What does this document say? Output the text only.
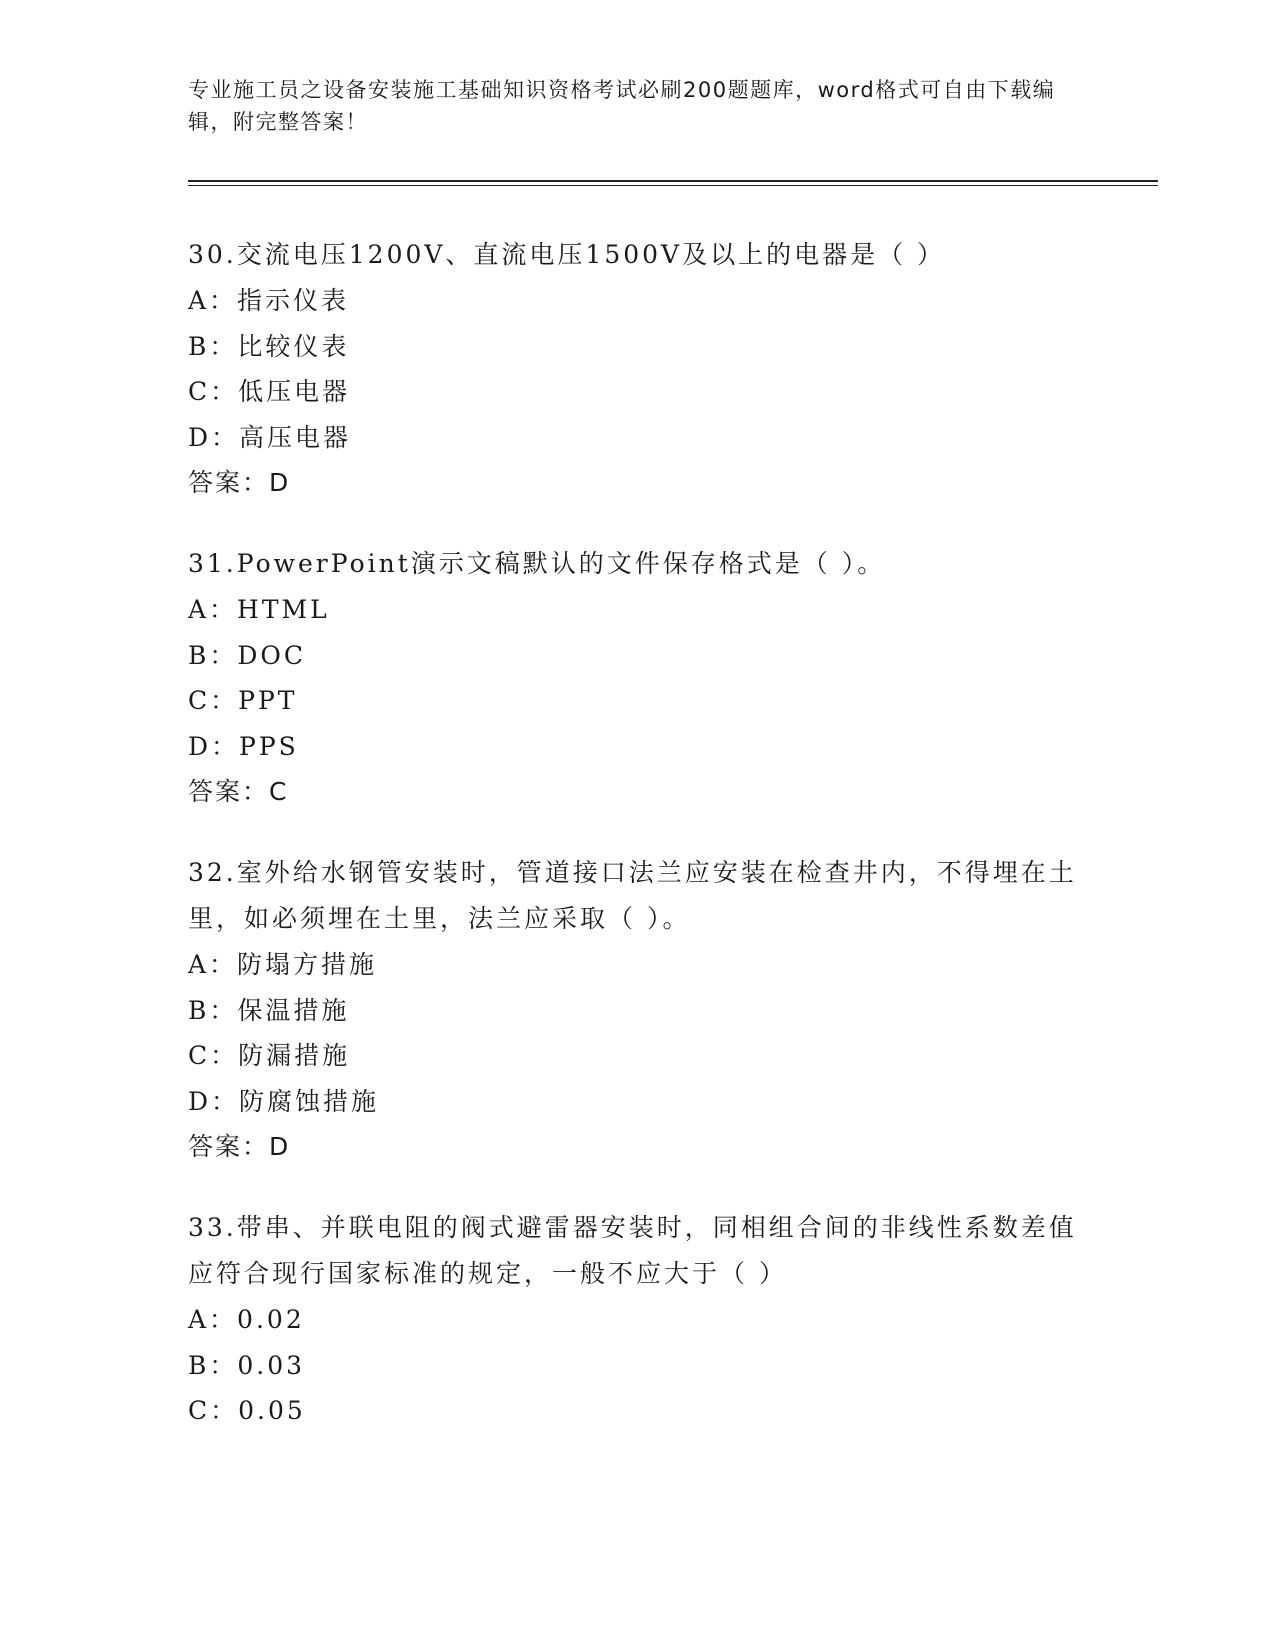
专业施工员之设备安装施工基础知识资格考试必刷200题题库，word格式可自由下载编辑，附完整答案！

30.交流电压1200V、直流电压1500V及以上的电器是（ ）

A：指示仪表

B：比较仪表

C：低压电器

D：高压电器

答案：D

31.PowerPoint演示文稿默认的文件保存格式是（ ）。

A：HTML

B：DOC

C：PPT

D：PPS

答案：C

32.室外给水钢管安装时，管道接口法兰应安装在检查井内，不得埋在土里，如必须埋在土里，法兰应采取（ ）。

A：防塌方措施

B：保温措施

C：防漏措施

D：防腐蚀措施

答案：D

33.带串、并联电阻的阀式避雷器安装时，同相组合间的非线性系数差值应符合现行国家标准的规定，一般不应大于（ ）

A：0.02

B：0.03

C：0.05
